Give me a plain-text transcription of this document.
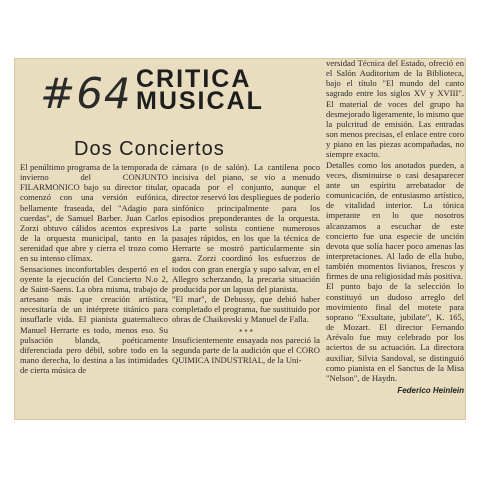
#64 CRITICA
MUSICAL
Dos Conciertos
El penúltimo programa de la temporada de invierno del CONJUNTO FILARMONICO bajo su director titular, comenzó con una versión eufónica, bellamente fraseada, del "Adagio para cuerdas", de Samuel Barber. Juan Carlos Zorzi obtuvo cálidos acentos expresivos de la orquesta municipal, tanto en la serenidad que abre y cierra el trozo como en su intenso clímax.
Sensaciones inconfortables despertó en el oyente la ejecución del Concierto N.o 2, de Saint-Saens. La obra misma, trabajo de artesano más que creación artística, necesitaría de un intérprete titánico para insuflarle vida. El pianista guatemalteco Manuel Herrarte es todo, menos eso. Su pulsación blanda, poéticamente diferenciada pero débil, sobre todo en la mano derecha, lo destina a las intimidades de cierta música de
cámara (o de salón). La cantilena poco incisiva del piano, se vio a menudo opacada por el conjunto, aunque el director reservó los despliegues de poderío sinfónico principalmente para los episodios preponderantes de la orquesta. La parte solista contiene numerosos pasajes rápidos, en los que la técnica de Herrarte se mostró particularmente sin garra. Zorzi coordinó los esfuerzos de todos con gran energía y supo salvar, en el Allegro scherzando, la precaria situación producida por un lapsus del pianista.
"El mar", de Debussy, que debió haber completado el programa, fue sustituido por obras de Chaikovski y Manuel de Falla.

Insuficientemente ensayada nos pareció la segunda parte de la audición que el CORO QUIMICA INDUSTRIAL, de la Uni-
* * *
versidad Técnica del Estado, ofreció en el Salón Auditorium de la Biblioteca, bajo el título "El mundo del canto sagrado entre los siglos XV y XVIII". El material de voces del grupo ha desmejorado ligeramente, lo mismo que la pulcritud de emisión. Las entradas son menos precisas, el enlace entre coro y piano en las piezas acompañadas, no siempre exacto.
Detalles como los anotados pueden, a veces, disminuirse o casi desaparecer ante un espíritu arrebatador de comunicación, de entusiasmo artístico, de vitalidad interior. La tónica imperante en lo que nosotros alcanzamos a escuchar de este concierto fue una especie de unción devota que solía hacer poco amenas las interpretaciones. Al lado de ella hubo, también momentos livianos, frescos y firmes de una religiosidad más positiva.
El punto bajo de la selección lo constituyó un dudoso arreglo del movimiento final del motete para soprano "Exsultate, jubilate", K. 165, de Mozart. El director Fernando Arévalo fue muy celebrado por los aciertos de su actuación. La directora auxiliar, Silvia Sandoval, se distinguió como pianista en el Sanctus de la Misa "Nelson", de Haydn.
Federico Heinlein
